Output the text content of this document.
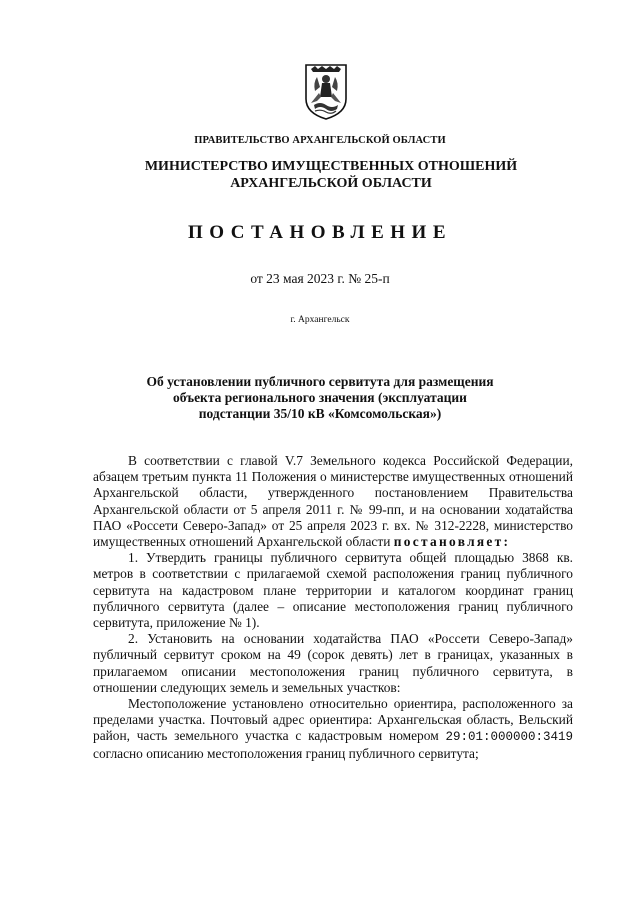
ПРАВИТЕЛЬСТВО АРХАНГЕЛЬСКОЙ ОБЛАСТИ
МИНИСТЕРСТВО ИМУЩЕСТВЕННЫХ ОТНОШЕНИЙ
АРХАНГЕЛЬСКОЙ ОБЛАСТИ
ПОСТАНОВЛЕНИЕ
от 23 мая 2023 г. № 25-п
г. Архангельск
Об установлении публичного сервитута для размещения
объекта регионального значения (эксплуатации
подстанции 35/10 кВ «Комсомольская»)

В соответствии с главой V.7 Земельного кодекса Российской Федерации, абзацем третьим пункта 11 Положения о министерстве имущественных отношений Архангельской области, утвержденного постановлением Правительства Архангельской области от 5 апреля 2011 г. № 99-пп, и на основании ходатайства ПАО «Россети Северо-Запад» от 25 апреля 2023 г. вх. № 312-2228, министерство имущественных отношений Архангельской области постановляет:

1. Утвердить границы публичного сервитута общей площадью 3868 кв. метров в соответствии с прилагаемой схемой расположения границ публичного сервитута на кадастровом плане территории и каталогом координат границ публичного сервитута (далее – описание местоположения границ публичного сервитута, приложение № 1).

2. Установить на основании ходатайства ПАО «Россети Северо-Запад» публичный сервитут сроком на 49 (сорок девять) лет в границах, указанных в прилагаемом описании местоположения границ публичного сервитута, в отношении следующих земель и земельных участков:

Местоположение установлено относительно ориентира, расположенного за пределами участка. Почтовый адрес ориентира: Архангельская область, Вельский район, часть земельного участка с кадастровым номером 29:01:000000:3419 согласно описанию местоположения границ публичного сервитута;
